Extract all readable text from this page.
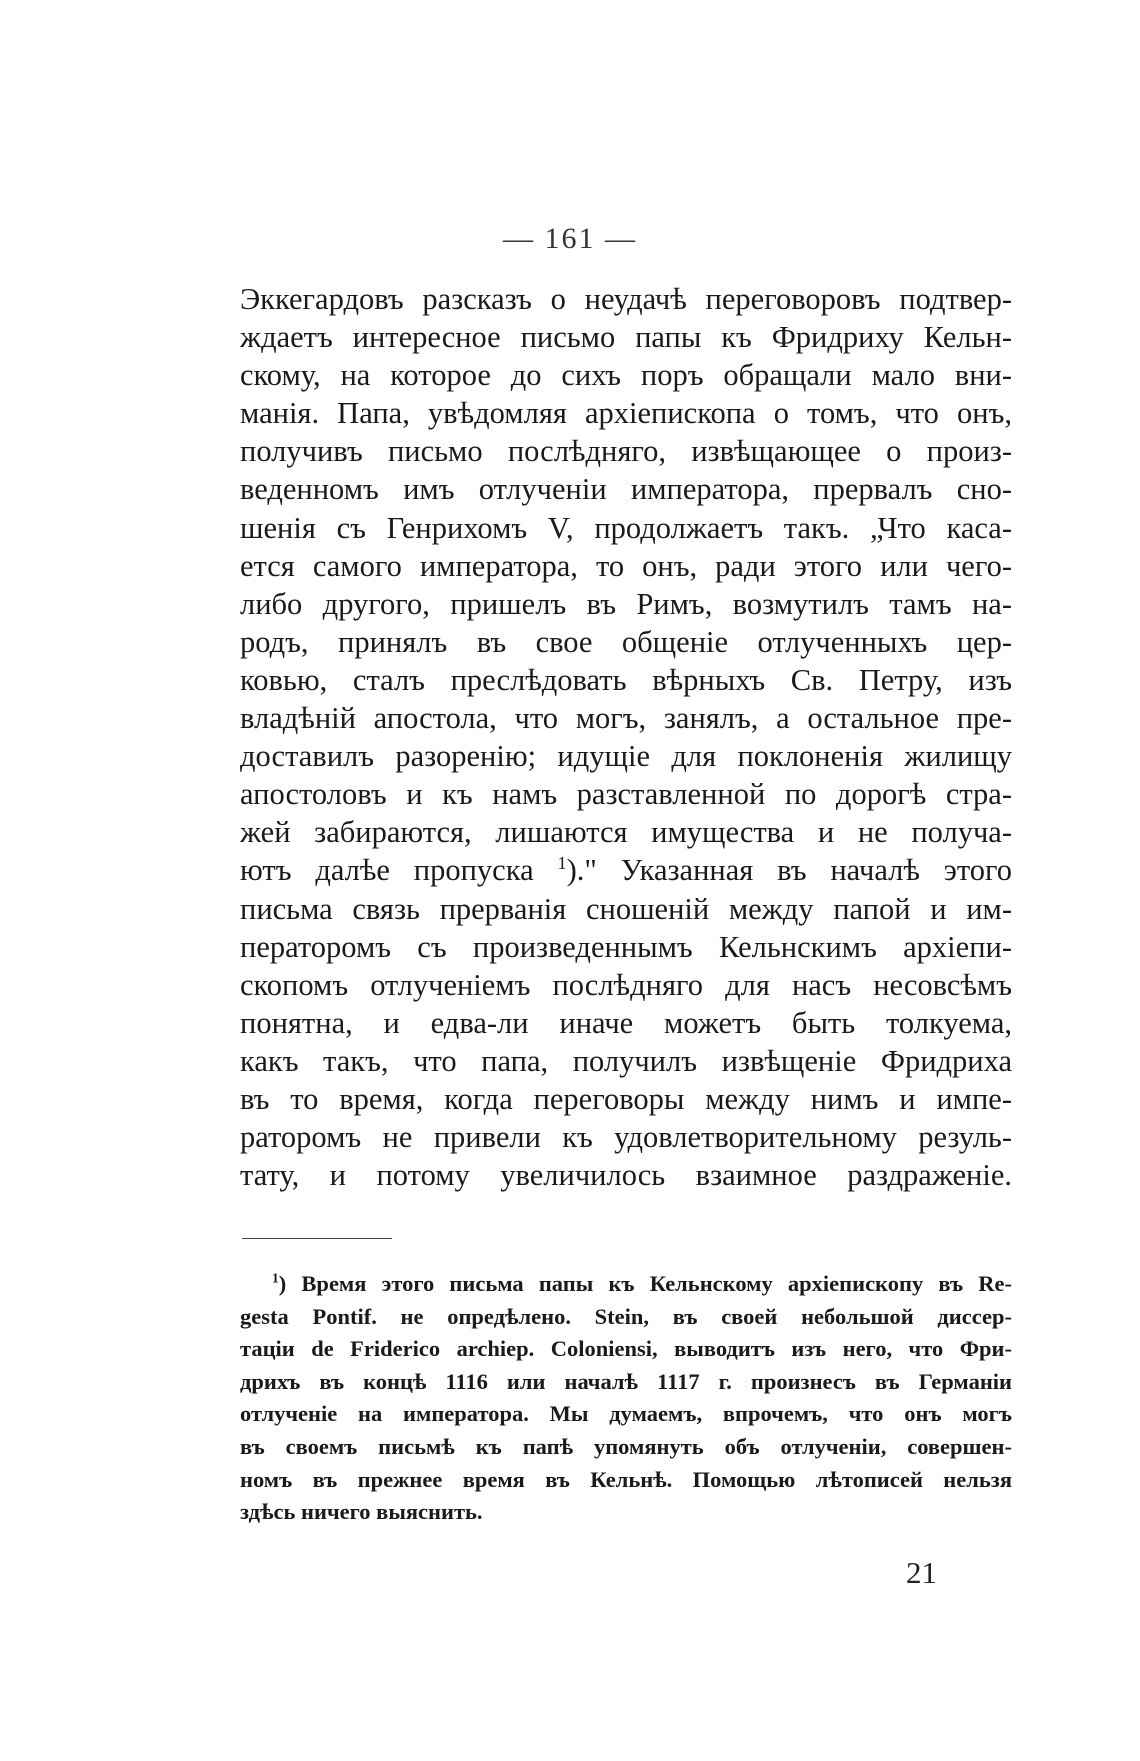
— 161 —
Эккегардовъ разсказъ о неудачѣ переговоровъ подтвер-
ждаетъ интересное письмо папы къ Фридриху Кельн-
скому, на которое до сихъ поръ обращали мало вни-
манія. Папа, увѣдомляя архіепископа о томъ, что онъ,
получивъ письмо послѣдняго, извѣщающее о произ-
веденномъ имъ отлученіи императора, прервалъ сно-
шенія съ Генрихомъ V, продолжаетъ такъ. „Что каса-
ется самого императора, то онъ, ради этого или чего-
либо другого, пришелъ въ Римъ, возмутилъ тамъ на-
родъ, принялъ въ свое общеніе отлученныхъ цер-
ковью, сталъ преслѣдовать вѣрныхъ Св. Петру, изъ
владѣній апостола, что могъ, занялъ, а остальное пре-
доставилъ разоренію; идущіе для поклоненія жилищу
апостоловъ и къ намъ разставленной по дорогѣ стра-
жей забираются, лишаются имущества и не получа-
ютъ далѣе пропуска $^1$)." Указанная въ началѣ этого
письма связь прерванія сношеній между папой и им-
ператоромъ съ произведеннымъ Кельнскимъ архіепи-
скопомъ отлученіемъ послѣдняго для насъ несовсѣмъ
понятна, и едва-ли иначе можетъ быть толкуема,
какъ такъ, что папа, получилъ извѣщеніе Фридриха
въ то время, когда переговоры между нимъ и импе-
раторомъ не привели къ удовлетворительному резуль-
тату, и потому увеличилось взаимное раздраженіе.
$^1$) Время этого письма папы къ Кельнскому архіепископу въ Re-
gesta Pontif. не опредѣлено. Stein, въ своей небольшой диссер-
таціи de Friderico archiep. Coloniensi, выводитъ изъ него, что Фри-
дрихъ въ концѣ 1116 или началѣ 1117 г. произнесъ въ Германіи
отлученіе на императора. Мы думаемъ, впрочемъ, что онъ могъ
въ своемъ письмѣ къ папѣ упомянуть объ отлученіи, совершен-
номъ въ прежнее время въ Кельнѣ. Помощью лѣтописей нельзя
здѣсь ничего выяснить.
21
